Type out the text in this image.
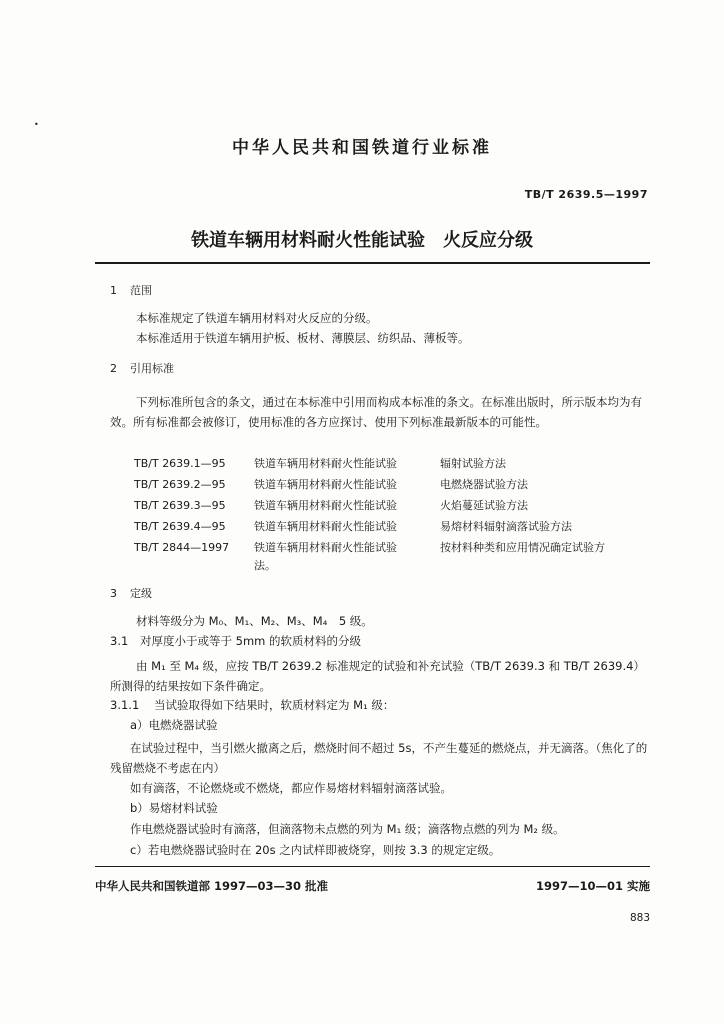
•
中华人民共和国铁道行业标准
TB/T 2639.5—1997
铁道车辆用材料耐火性能试验　火反应分级
1 范围
本标准规定了铁道车辆用材料对火反应的分级。
本标准适用于铁道车辆用护板、板材、薄膜层、纺织品、薄板等。
2 引用标准
下列标准所包含的条文，通过在本标准中引用而构成本标准的条文。在标准出版时，所示版本均为有效。所有标准都会被修订，使用标准的各方应探讨、使用下列标准最新版本的可能性。
TB/T 2639.1—95	铁道车辆用材料耐火性能试验	辐射试验方法
TB/T 2639.2—95	铁道车辆用材料耐火性能试验	电燃烧器试验方法
TB/T 2639.3—95	铁道车辆用材料耐火性能试验	火焰蔓延试验方法
TB/T 2639.4—95	铁道车辆用材料耐火性能试验	易熔材料辐射滴落试验方法
TB/T 2844—1997 铁道车辆用材料耐火性能试验	按材料种类和应用情况确定试验方
法。
3 定级
材料等级分为 M₀、M₁、M₂、M₃、M₄　5 级。
3.1 对厚度小于或等于 5mm 的软质材料的分级
由 M₁ 至 M₄ 级，应按 TB/T 2639.2 标准规定的试验和补充试验（TB/T 2639.3 和 TB/T 2639.4）所测得的结果按如下条件确定。
3.1.1 当试验取得如下结果时，软质材料定为 M₁ 级：
a）电燃烧器试验
在试验过程中，当引燃火撤离之后，燃烧时间不超过 5s，不产生蔓延的燃烧点，并无滴落。（焦化了的残留燃烧不考虑在内）
如有滴落，不论燃烧或不燃烧，都应作易熔材料辐射滴落试验。
b）易熔材料试验
作电燃烧器试验时有滴落，但滴落物未点燃的列为 M₁ 级；滴落物点燃的列为 M₂ 级。
c）若电燃烧器试验时在 20s 之内试样即被烧穿，则按 3.3 的规定定级。
中华人民共和国铁道部 1997—03—30 批准	1997—10—01 实施
883
